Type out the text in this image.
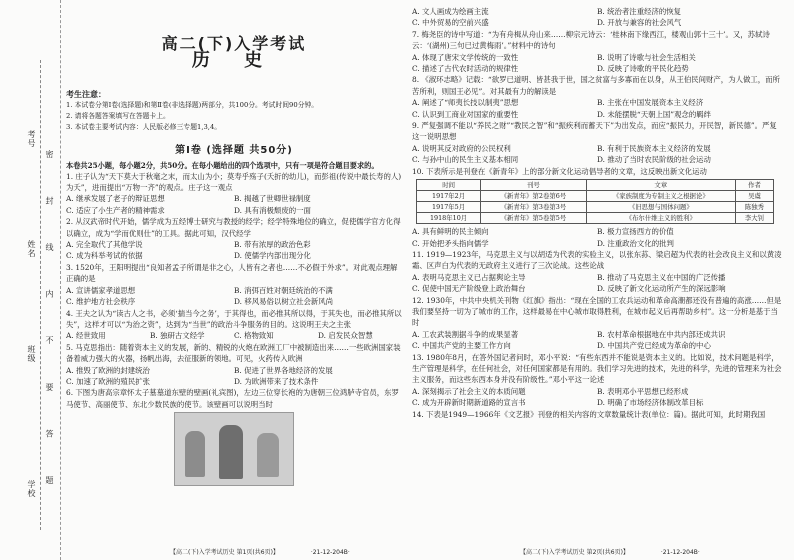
考号
姓名
班级
学校 密 封 线 内 不 要 答 题
高二(下)入学考试
历 史
考生注意：
1. 本试卷分第Ⅰ卷(选择题)和第Ⅱ卷(非选择题)两部分，共100分。考试时间90分钟。
2. 请将各题答案填写在答题卡上。
3. 本试卷主要考试内容：人民版必修三专题1,3,4。
第Ⅰ卷 (选择题 共50分)
本卷共25小题，每小题2分，共50分。在每小题给出的四个选项中，只有一项是符合题目要求的。
1. 庄子认为“天下莫大于秋毫之末，而太山为小；莫寿乎殇子(夭折的幼儿)，而彭祖(传说中最长寿的人)为夭”，进而提出“万物一齐”的观点。庄子这一观点
A. 继承发展了老子的辩证思想	B. 揭越了世卿世禄制度
C. 适应了小生产者的精神需求	D. 具有消极颓废的一面
2. 从汉武帝时代开始，儒学成为五经博士研究与教授的经学；经学特殊地位的确立，促使儒学官方化得以确立，成为“学而优则仕”的工具。据此可知，汉代经学
A. 完全取代了其他学说	B. 带有浓厚的政治色彩
C. 成为科举考试的依据	D. 使儒学内部出现分化
3. 1520年，王阳明提出“良知者孟子所谓是非之心，人皆有之者也……不必假于外求”。对此观点理解正确的是
A. 宣讲儒家孝道思想	B. 消弭百姓对朝廷统治的不满
C. 维护地方社会秩序	D. 移风易俗以树立社会新风尚
4. 王夫之认为“读古人之书，必须‘揣当今之务’，于其得也，而必推其所以得，于其失也，而必推其所以失”，这样才可以“为治之资”，达到为“当世”的政治斗争服务的目的。这说明王夫之主张
A. 经世致用	B. 独研古文经学	C. 格物致知	D. 启发民众智慧
5. 马克思指出：随着资本主义的发展，新的、精锐的火炮在欧洲工厂中被制造出来……一些欧洲国家装备着威力强大的火器，扬帆出海，去征服新的领地。可见，火药传入欧洲
A. 推毁了欧洲的封建统治	B. 促进了世界各地经济的发展
C. 加速了欧洲的殖民扩张	D. 为欧洲带来了技术条件
6. 下图为唐高宗章怀太子墓墓道东壁的壁画(礼宾图)，左边三位穿长袍的为唐朝三位鸿胪寺官员，东罗马使节、高丽使节、东北少数民族的使节。该壁画可以说明当时
A. 文人画成为绘画主流	B. 统治者注重经济的恢复
C. 中外贸易的空前兴盛	D. 开放与兼容的社会风气
7. 梅尧臣的诗中写道：“为有舟楫从舟山来……柳宗元诗云：‘桂林南下缘西江，楼观山郭十三十’。又，苏轼诗云：‘(湖州)三句已过黄梅雨’。”材料中的诗句
A. 体现了唐宋文学传统的一致性	B. 说明了诗歌与社会生活相关
C. 描述了古代农时活动的规律性	D. 反映了诗歌的平民化趋势
8. 《淑环志略》记载：“欲罗已道明、皆甚我于世，国之贫富与多寡而在以身，从王伯民间财产，为人做工，而所苦所利，则国王必见”。对其最有力的解读是
A. 阐述了“师夷长技以制夷”思想	B. 主张在中国发展资本主义经济
C. 认识到工商业对国家的重要性	D. 未能摆脱“天朝上国”观念的羁绊
9. 严复强调不能以“养民之财”“教民之智”和“振疾利而蓄天下”为出发点，而应“振民力，开民智，新民德”。严复这一说明思想
A. 说明其反对政府的公民权利	B. 有利于民族资本主义经济的发展
C. 与孙中山的民生主义基本相同	D. 推动了当时农民阶级的社会运动
10. 下表所示是刊登在《新青年》上的部分新文化运动倡导者的文章，这反映出新文化运动
时间	刊号	文章	作者
1917年2月	《新青年》第2卷第6号	《家族制度为专制主义之根据论》	吴虞
1917年5月	《新青年》第3卷第3号	《旧思想与国体问题》	陈独秀
1918年10月	《新青年》第5卷第5号	《布尔什维主义的胜利》	李大钊
A. 具有鲜明的民主倾向	B. 极力宣扬西方的价值
C. 开始把矛头指向儒学	D. 注重政治文化的批判
11. 1919—1923年，马克思主义与以胡适为代表的实验主义，以张东荪、梁启超为代表的社会改良主义和以黄凌霜、区声白为代表的无政府主义进行了三次论战。这些论战
A. 表明马克思主义已占据舆论主导	B. 推动了马克思主义在中国的广泛传播
C. 促使中国无产阶级登上政治舞台	D. 反映了新文化运动所产生的深远影响
12. 1930年，中共中央机关刊物《红旗》指出：“现在全国的工农兵运动和革命高潮都还没有普遍的高涨……但是我们要坚持一切为了城市的工作，这样最易在中心城市取得胜利，在城市起义后再帮助乡村”。这一分析是基于当时
A. 工农武装割据斗争的成果显著	B. 农村革命根据地在中共内部还成共识
C. 中国共产党的主要工作方向	D. 中国共产党已经成为革命的中心
13. 1980年8月，在答外国记者问时，邓小平说：“有些东西并不能说是资本主义的。比如说，技术问题是科学，生产管理是科学，在任何社会，对任何国家都是有用的。我们学习先进的技术，先进的科学，先进的管理来为社会主义服务，而这些东西本身并没有阶级性。”邓小平这一论述
A. 深刻揭示了社会主义的本质问题	B. 表明邓小平思想已经形成
C. 成为开辟新时期新道路的宣言书	D. 明确了市场经济体制改革目标
14. 下表是1949—1966年《文艺报》刊登的相关内容的文章数量统计表(单位：篇)。据此可知，此时期我国
【高二(下)入学考试历史 第1页(共6页)】	·21-12-204B·	【高二(下)入学考试历史 第2页(共6页)】	·21-12-204B·
